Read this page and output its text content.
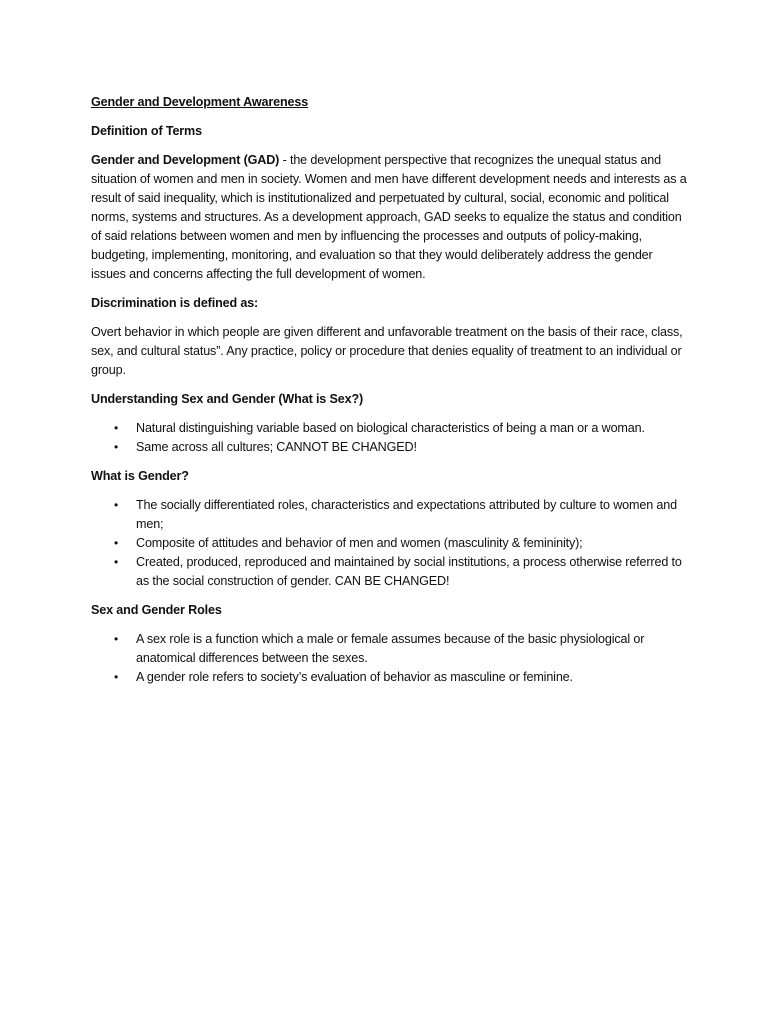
Gender and Development Awareness

Definition of Terms

Gender and Development (GAD) - the development perspective that recognizes the unequal status and situation of women and men in society. Women and men have different development needs and interests as a result of said inequality, which is institutionalized and perpetuated by cultural, social, economic and political norms, systems and structures. As a development approach, GAD seeks to equalize the status and condition of said relations between women and men by influencing the processes and outputs of policy-making, budgeting, implementing, monitoring, and evaluation so that they would deliberately address the gender issues and concerns affecting the full development of women.

Discrimination is defined as:

Overt behavior in which people are given different and unfavorable treatment on the basis of their race, class, sex, and cultural status”. Any practice, policy or procedure that denies equality of treatment to an individual or group.

Understanding Sex and Gender (What is Sex?)

• Natural distinguishing variable based on biological characteristics of being a man or a woman.
• Same across all cultures; CANNOT BE CHANGED!

What is Gender?

• The socially differentiated roles, characteristics and expectations attributed by culture to women and men;
• Composite of attitudes and behavior of men and women (masculinity & femininity);
• Created, produced, reproduced and maintained by social institutions, a process otherwise referred to as the social construction of gender. CAN BE CHANGED!

Sex and Gender Roles

• A sex role is a function which a male or female assumes because of the basic physiological or anatomical differences between the sexes.
• A gender role refers to society’s evaluation of behavior as masculine or feminine.
